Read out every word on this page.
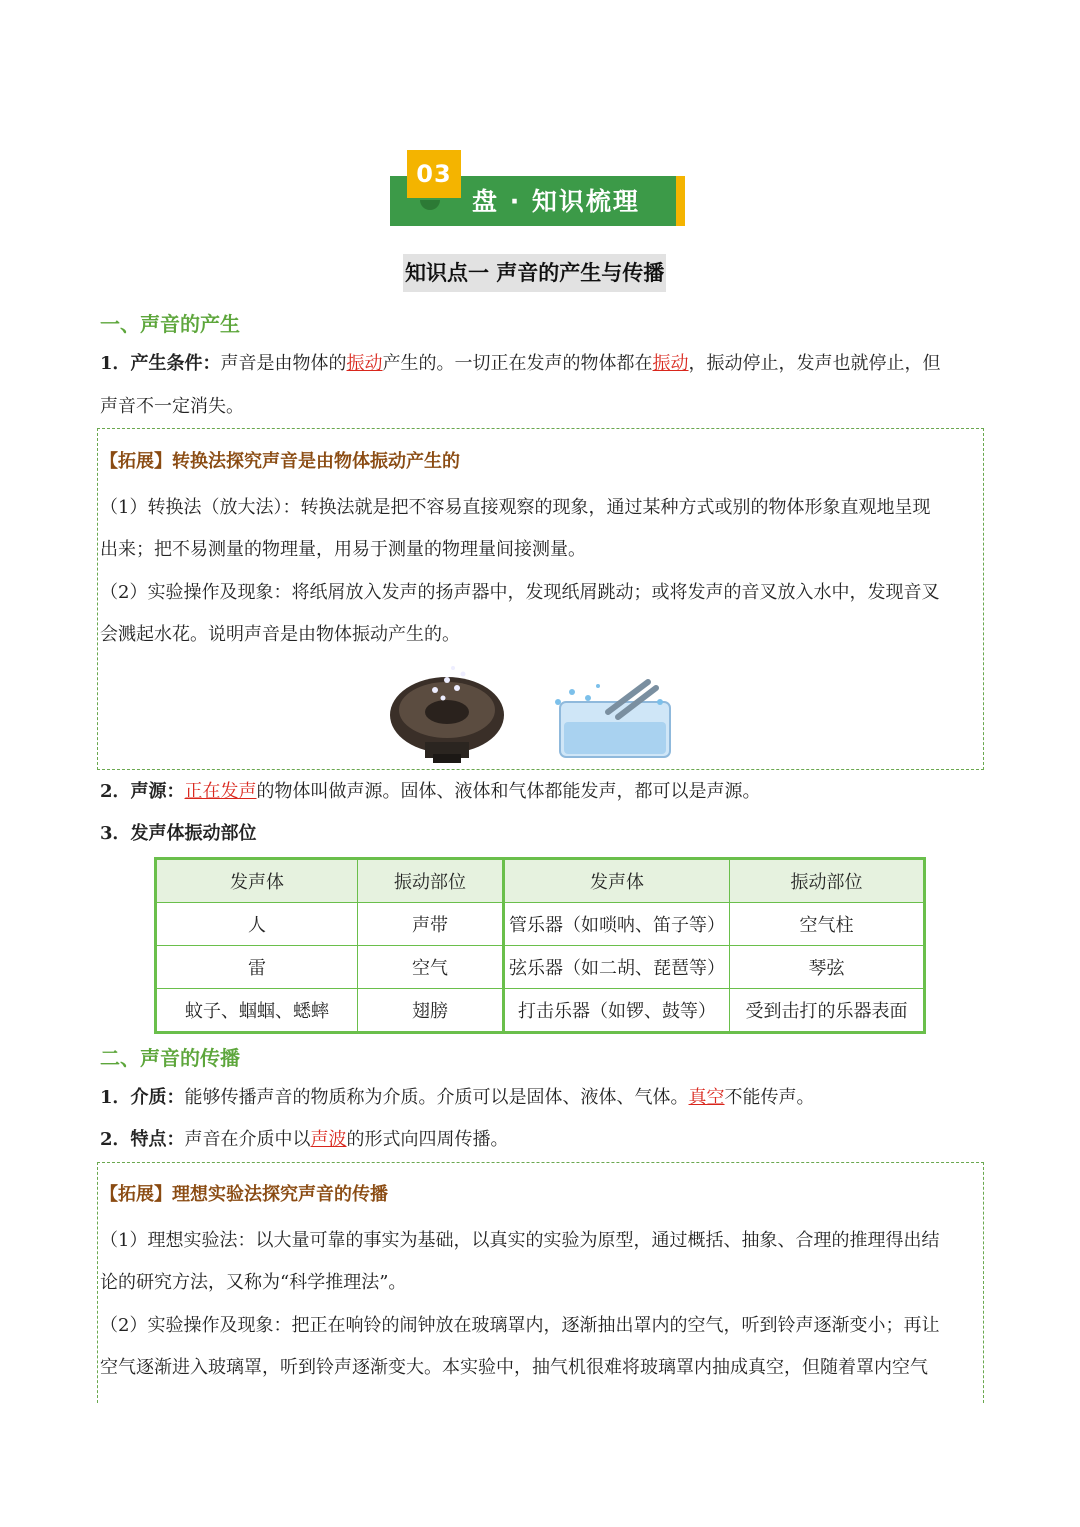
03
盘 · 知识梳理
知识点一 声音的产生与传播
一、声音的产生
1．产生条件：声音是由物体的振动产生的。一切正在发声的物体都在振动，振动停止，发声也就停止，但
声音不一定消失。
【拓展】转换法探究声音是由物体振动产生的
（1）转换法（放大法）：转换法就是把不容易直接观察的现象，通过某种方式或别的物体形象直观地呈现
出来；把不易测量的物理量，用易于测量的物理量间接测量。
（2）实验操作及现象：将纸屑放入发声的扬声器中，发现纸屑跳动；或将发声的音叉放入水中，发现音叉
会溅起水花。说明声音是由物体振动产生的。
2．声源：正在发声的物体叫做声源。固体、液体和气体都能发声，都可以是声源。
3．发声体振动部位
发声体	振动部位	发声体	振动部位
人	声带	管乐器（如唢呐、笛子等）	空气柱
雷	空气	弦乐器（如二胡、琵琶等）	琴弦
蚊子、蝈蝈、蟋蟀	翅膀	打击乐器（如锣、鼓等）	受到击打的乐器表面
二、声音的传播
1．介质：能够传播声音的物质称为介质。介质可以是固体、液体、气体。真空不能传声。
2．特点：声音在介质中以声波的形式向四周传播。
【拓展】理想实验法探究声音的传播
（1）理想实验法：以大量可靠的事实为基础，以真实的实验为原型，通过概括、抽象、合理的推理得出结
论的研究方法，又称为“科学推理法”。
（2）实验操作及现象：把正在响铃的闹钟放在玻璃罩内，逐渐抽出罩内的空气，听到铃声逐渐变小；再让
空气逐渐进入玻璃罩，听到铃声逐渐变大。本实验中，抽气机很难将玻璃罩内抽成真空，但随着罩内空气
